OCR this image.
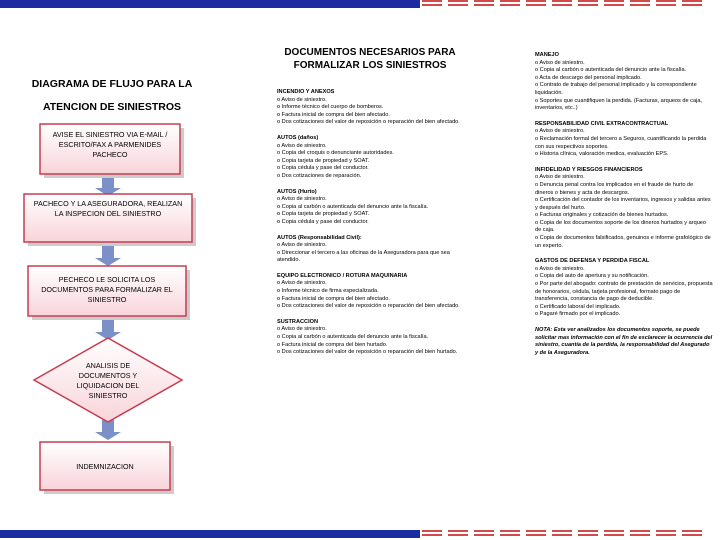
DIAGRAMA DE FLUJO PARA LA
ATENCION DE SINIESTROS
AVISE EL SINIESTRO VIA E-MAIL / ESCRITO/FAX A PARMENIDES PACHECO
PACHECO Y LA ASEGURADORA, REALIZAN LA INSPECION DEL SINIESTRO
PECHECO LE SOLICITA LOS DOCUMENTOS PARA FORMALIZAR EL SINIESTRO
ANALISIS DE DOCUMENTOS Y LIQUIDACION DEL SINIESTRO
INDEMNIZACION
DOCUMENTOS NECESARIOS PARA FORMALIZAR LOS SINIESTROS
INCENDIO Y ANEXOS
o Aviso de siniestro.
o Informe técnico del cuerpo de bomberos.
o Factura inicial de compra del bien afectado.
o Dos cotizaciones del valor de reposición o reparación del bien afectado.
AUTOS (daños)
o Aviso de siniestro.
o Copia del croquis o denunciante autoridades.
o Copia tarjeta de propiedad y SOAT.
o Copia cédula y pase del conductor.
o Dos cotizaciones de reparación.
AUTOS (Hurto)
o Aviso de siniestro.
o Copia al carbón o autenticada del denuncio ante la fiscalía.
o Copia tarjeta de propiedad y SOAT.
o Copia cédula y pase del conductor.
AUTOS (Responsabilidad Civil):
o Aviso de siniestro.
o Direccionar el tercero a las oficinas de la Aseguradora para que sea atendido.
EQUIPO ELECTRONICO / ROTURA MAQUINARIA
o Aviso de siniestro.
o Informe técnico de firma especializada.
o Factura inicial de compra del bien afectado.
o Dos cotizaciones del valor de reposición o reparación del bien afectado.
SUSTRACCION
o Aviso de siniestro.
o Copia al carbón o autenticada del denuncio ante la fiscalía.
o Factura inicial de compra del bien hurtado.
o Dos cotizaciones del valor de reposición o reparación del bien hurtado.
MANEJO
o Aviso de siniestro.
o Copia al carbón o autenticada del denuncio ante la fiscalía.
o Acta de descargo del personal implicado.
o Contrato de trabajo del personal implicado y la correspondiente liquidación.
o Soportes que cuantifiquen la perdida. (Facturas, arqueos de caja, inventarios, etc..)
RESPONSABILIDAD CIVIL EXTRACONTRACTUAL
o Aviso de siniestro.
o Reclamación formal del tercero a Seguros, cuantificando la perdida con sus respectivos soportes.
o Historia clínica, valoración medica, evaluación EPS.
INFIDELIDAD Y RIESGOS FINANCIEROS
o Aviso de siniestro.
o Denuncia penal contra los implicados en el fraude de hurto de dineros o bienes y acta de descargos.
o Certificación del contador de los inventarios, ingresos y salidas antes y después del hurto.
o Facturas originales y cotización de bienes hurtados.
o Copia de los documentos soporte de los dineros hurtados y arqueo de caja.
o Copia de documentos falsificados, genuinos e informe grafológico de un experto.
GASTOS DE DEFENSA Y PERDIDA FISCAL
o Aviso de siniestro.
o Copia del auto de apertura y su notificación.
o Por parte del abogado: contrato de prestación de servicios, propuesta de honorarios, cédula, tarjeta profesional, formato pago de transferencia, constancia de pago de deducible.
o Certificado laboral del implicado.
o Pagaré firmado por el implicado.
NOTA: Esta ver analizados los documentos soporte, se puede solicitar mas información con el fin de esclarecer la ocurrencia del siniestro, cuantía de la perdida, la responsabilidad del Asegurado y de la Aseguradora.
